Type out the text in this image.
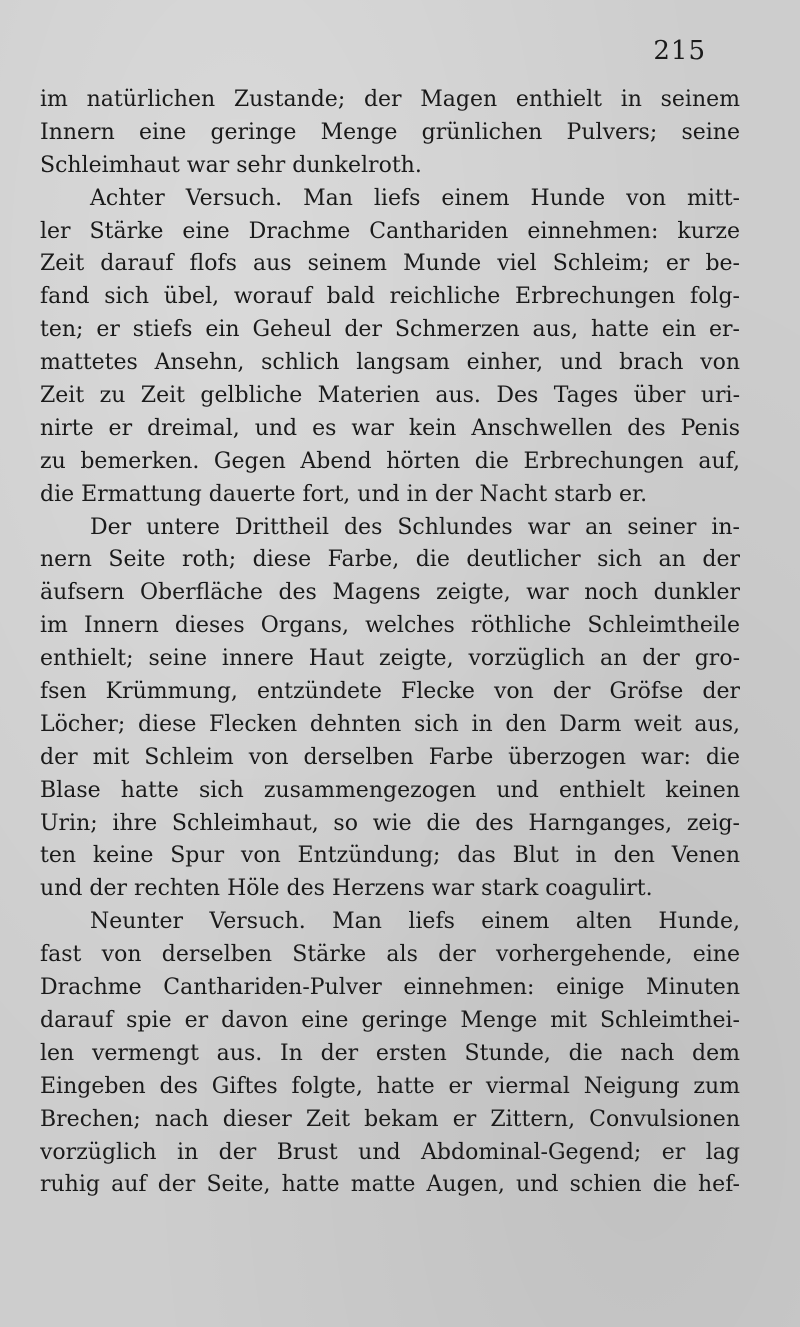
215
im natürlichen Zustande; der Magen enthielt in seinem
Innern eine geringe Menge grünlichen Pulvers; seine
Schleimhaut war sehr dunkelroth.
Achter Versuch. Man liefs einem Hunde von mitt-
ler Stärke eine Drachme Canthariden einnehmen: kurze
Zeit darauf flofs aus seinem Munde viel Schleim; er be-
fand sich übel, worauf bald reichliche Erbrechungen folg-
ten; er stiefs ein Geheul der Schmerzen aus, hatte ein er-
mattetes Ansehn, schlich langsam einher, und brach von
Zeit zu Zeit gelbliche Materien aus. Des Tages über uri-
nirte er dreimal, und es war kein Anschwellen des Penis
zu bemerken. Gegen Abend hörten die Erbrechungen auf,
die Ermattung dauerte fort, und in der Nacht starb er.
Der untere Drittheil des Schlundes war an seiner in-
nern Seite roth; diese Farbe, die deutlicher sich an der
äufsern Oberfläche des Magens zeigte, war noch dunkler
im Innern dieses Organs, welches röthliche Schleimtheile
enthielt; seine innere Haut zeigte, vorzüglich an der gro-
fsen Krümmung, entzündete Flecke von der Gröfse der
Löcher; diese Flecken dehnten sich in den Darm weit aus,
der mit Schleim von derselben Farbe überzogen war: die
Blase hatte sich zusammengezogen und enthielt keinen
Urin; ihre Schleimhaut, so wie die des Harnganges, zeig-
ten keine Spur von Entzündung; das Blut in den Venen
und der rechten Höle des Herzens war stark coagulirt.
Neunter Versuch. Man liefs einem alten Hunde,
fast von derselben Stärke als der vorhergehende, eine
Drachme Canthariden-Pulver einnehmen: einige Minuten
darauf spie er davon eine geringe Menge mit Schleimthei-
len vermengt aus. In der ersten Stunde, die nach dem
Eingeben des Giftes folgte, hatte er viermal Neigung zum
Brechen; nach dieser Zeit bekam er Zittern, Convulsionen
vorzüglich in der Brust und Abdominal-Gegend; er lag
ruhig auf der Seite, hatte matte Augen, und schien die hef-
